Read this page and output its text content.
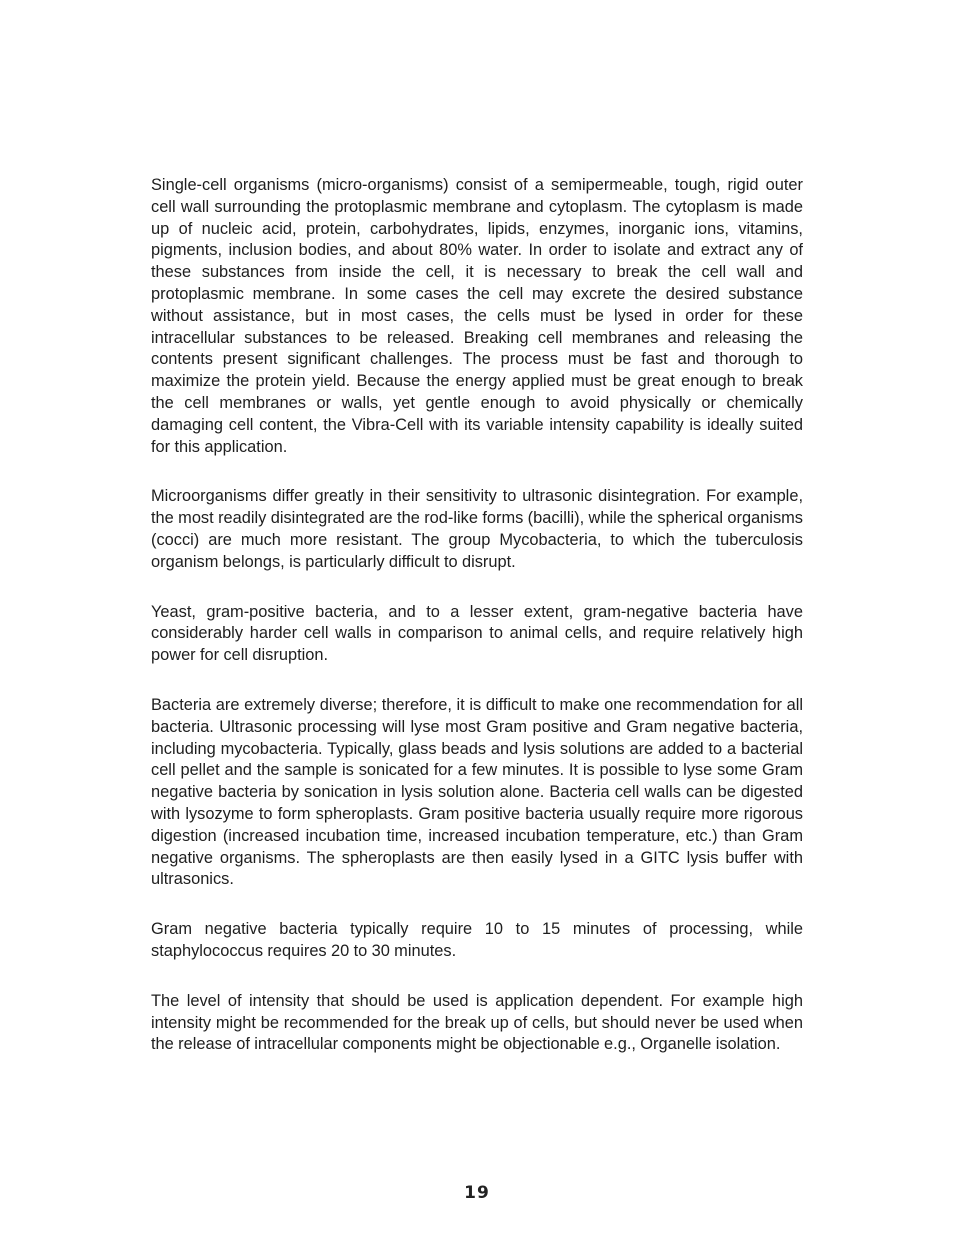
Single-cell organisms (micro-organisms) consist of a semipermeable, tough, rigid outer cell wall surrounding the protoplasmic membrane and cytoplasm. The cytoplasm is made up of nucleic acid, protein, carbohydrates, lipids, enzymes, inorganic ions, vitamins, pigments, inclusion bodies, and about 80% water. In order to isolate and extract any of these substances from inside the cell, it is necessary to break the cell wall and protoplasmic membrane. In some cases the cell may excrete the desired substance without assistance, but in most cases, the cells must be lysed in order for these intracellular substances to be released. Breaking cell membranes and releasing the contents present significant challenges. The process must be fast and thorough to maximize the protein yield. Because the energy applied must be great enough to break the cell membranes or walls, yet gentle enough to avoid physically or chemically damaging cell content, the Vibra-Cell with its variable intensity capability is ideally suited for this application.

Microorganisms differ greatly in their sensitivity to ultrasonic disintegration. For example, the most readily disintegrated are the rod-like forms (bacilli), while the spherical organisms (cocci) are much more resistant. The group Mycobacteria, to which the tuberculosis organism belongs, is particularly difficult to disrupt.

Yeast, gram-positive bacteria, and to a lesser extent, gram-negative bacteria have considerably harder cell walls in comparison to animal cells, and require relatively high power for cell disruption.

Bacteria are extremely diverse; therefore, it is difficult to make one recommendation for all bacteria. Ultrasonic processing will lyse most Gram positive and Gram negative bacteria, including mycobacteria. Typically, glass beads and lysis solutions are added to a bacterial cell pellet and the sample is sonicated for a few minutes. It is possible to lyse some Gram negative bacteria by sonication in lysis solution alone. Bacteria cell walls can be digested with lysozyme to form spheroplasts. Gram positive bacteria usually require more rigorous digestion (increased incubation time, increased incubation temperature, etc.) than Gram negative organisms. The spheroplasts are then easily lysed in a GITC lysis buffer with ultrasonics.

Gram negative bacteria typically require 10 to 15 minutes of processing, while staphylococcus requires 20 to 30 minutes.

The level of intensity that should be used is application dependent. For example high intensity might be recommended for the break up of cells, but should never be used when the release of intracellular components might be objectionable e.g., Organelle isolation.

19
